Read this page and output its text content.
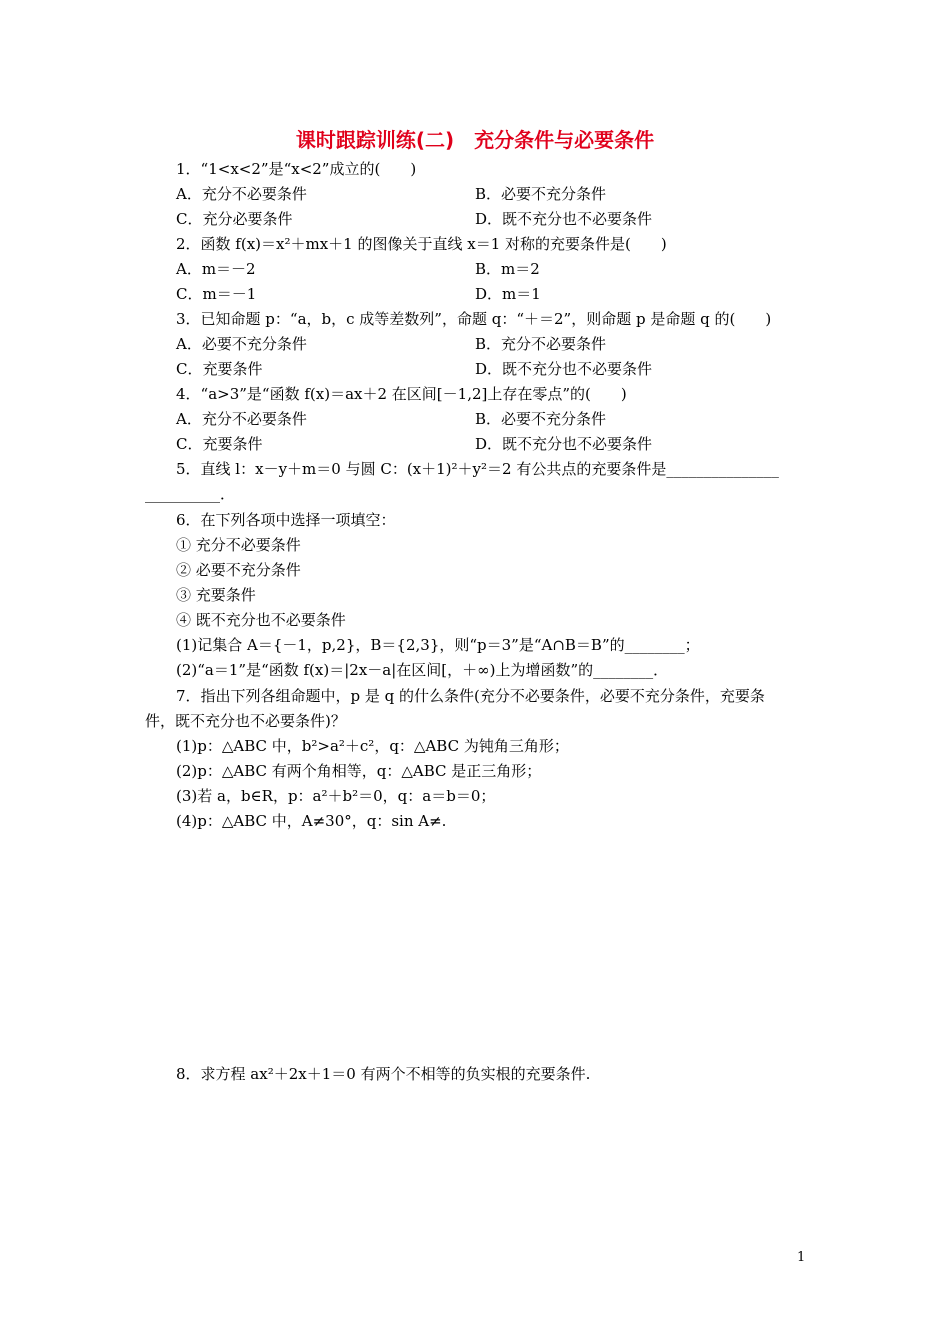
课时跟踪训练(二)　充分条件与必要条件
1．“1<x<2”是“x<2”成立的(　　)
A．充分不必要条件	B．必要不充分条件
C．充分必要条件	D．既不充分也不必要条件
2．函数 f(x)＝x²＋mx＋1 的图像关于直线 x＝1 对称的充要条件是(　　)
A．m＝－2	B．m＝2
C．m＝－1	D．m＝1
3．已知命题 p：“a，b，c 成等差数列”，命题 q：“＋＝2”，则命题 p 是命题 q 的(　　)
A．必要不充分条件	B．充分不必要条件
C．充要条件	D．既不充分也不必要条件
4．“a>3”是“函数 f(x)＝ax＋2 在区间[－1,2]上存在零点”的(　　)
A．充分不必要条件	B．必要不充分条件
C．充要条件	D．既不充分也不必要条件
5．直线 l：x－y＋m＝0 与圆 C：(x＋1)²＋y²＝2 有公共点的充要条件是_______________
__________．
6．在下列各项中选择一项填空：
① 充分不必要条件
② 必要不充分条件
③ 充要条件
④ 既不充分也不必要条件
(1)记集合 A＝{－1，p,2}，B＝{2,3}，则“p＝3”是“A∩B＝B”的________；
(2)“a＝1”是“函数 f(x)＝|2x－a|在区间[，＋∞)上为增函数”的________．
7．指出下列各组命题中，p 是 q 的什么条件(充分不必要条件，必要不充分条件，充要条
件，既不充分也不必要条件)？
(1)p：△ABC 中，b²>a²＋c²，q：△ABC 为钝角三角形；
(2)p：△ABC 有两个角相等，q：△ABC 是正三角形；
(3)若 a，b∈R，p：a²＋b²＝0，q：a＝b＝0；
(4)p：△ABC 中，A≠30°，q：sin A≠.
8．求方程 ax²＋2x＋1＝0 有两个不相等的负实根的充要条件.
1
